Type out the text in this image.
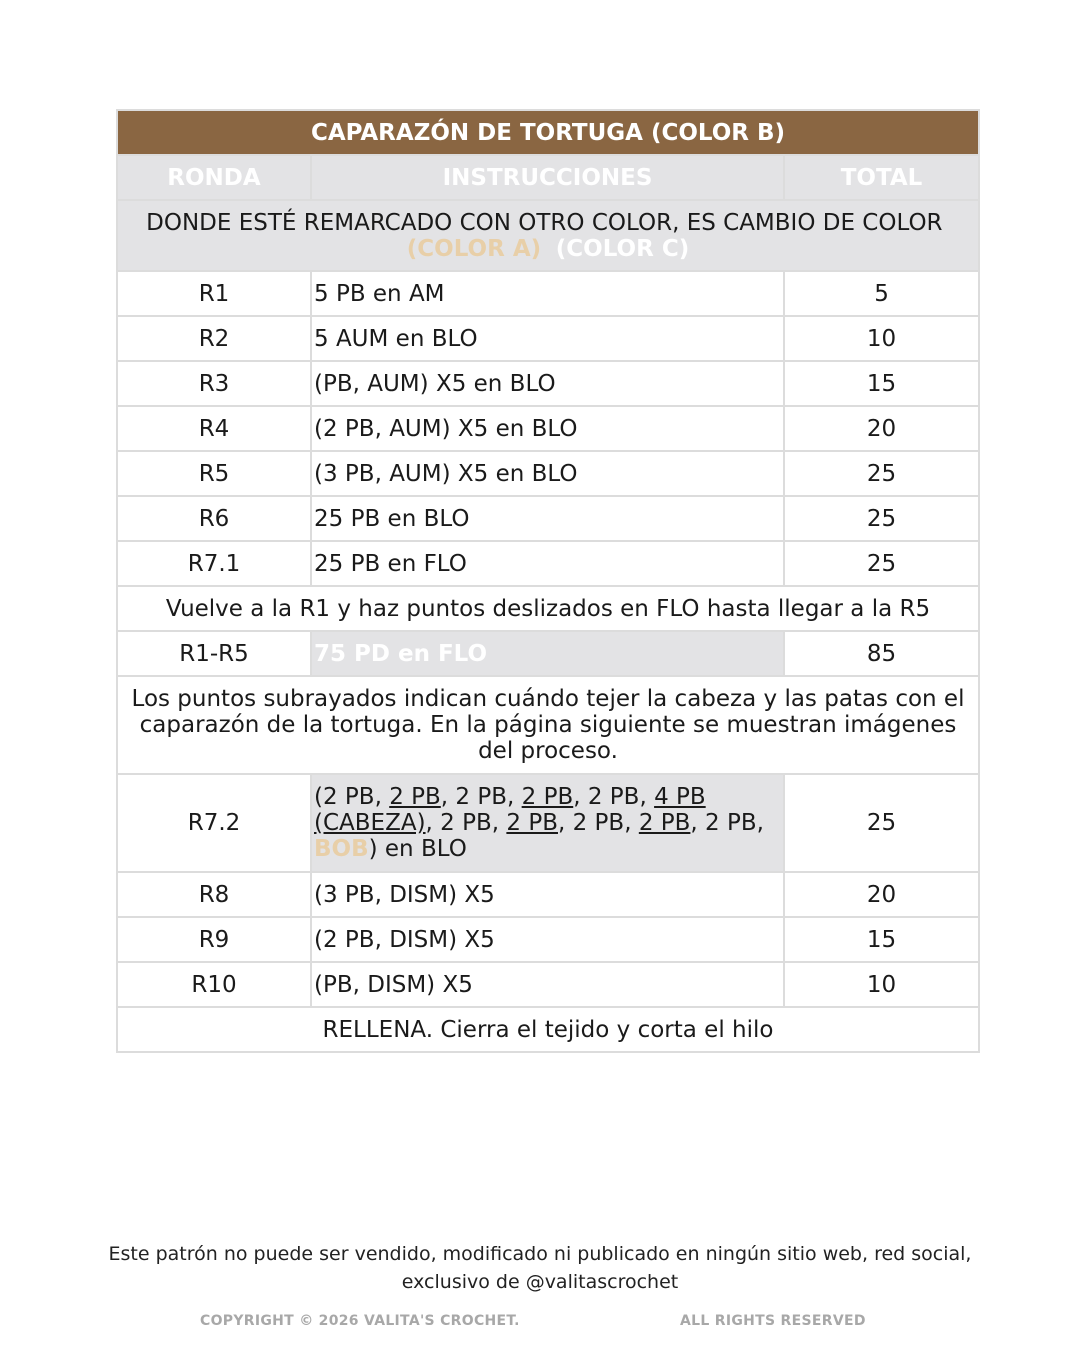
CAPARAZÓN DE TORTUGA (COLOR B)		
RONDA	INSTRUCCIONES	TOTAL
DONDE ESTÉ REMARCADO CON OTRO COLOR, ES CAMBIO DE COLOR  (COLOR A) (COLOR C)		
R1	5 PB en AM	5
R2	5 AUM en BLO	10
R3	(PB, AUM) X5 en BLO	15
R4	(2 PB, AUM) X5 en BLO	20
R5	(3 PB, AUM) X5 en BLO	25
R6	25 PB en BLO	25
R7.1	25 PB en FLO	25
Vuelve a la R1 y haz puntos deslizados en FLO hasta llegar a la R5		
R1-R5	75 PD en FLO	85
Los puntos subrayados indican cuándo tejer la cabeza y las patas con el caparazón de la tortuga. En la página siguiente se muestran imágenes del proceso.		
R7.2	(2 PB, 2 PB, 2 PB, 2 PB, 2 PB, 4 PB (CABEZA), 2 PB, 2 PB, 2 PB, 2 PB, 2 PB, BOB) en BLO	25
R8	(3 PB, DISM) X5	20
R9	(2 PB, DISM) X5	15
R10	(PB, DISM) X5	10
RELLENA. Cierra el tejido y corta el hilo		
Este patrón no puede ser vendido, modificado ni publicado en ningún sitio web, red social,
exclusivo de @valitascrochet
COPYRIGHT © 2026 VALITA'S CROCHET.	ALL RIGHTS RESERVED
